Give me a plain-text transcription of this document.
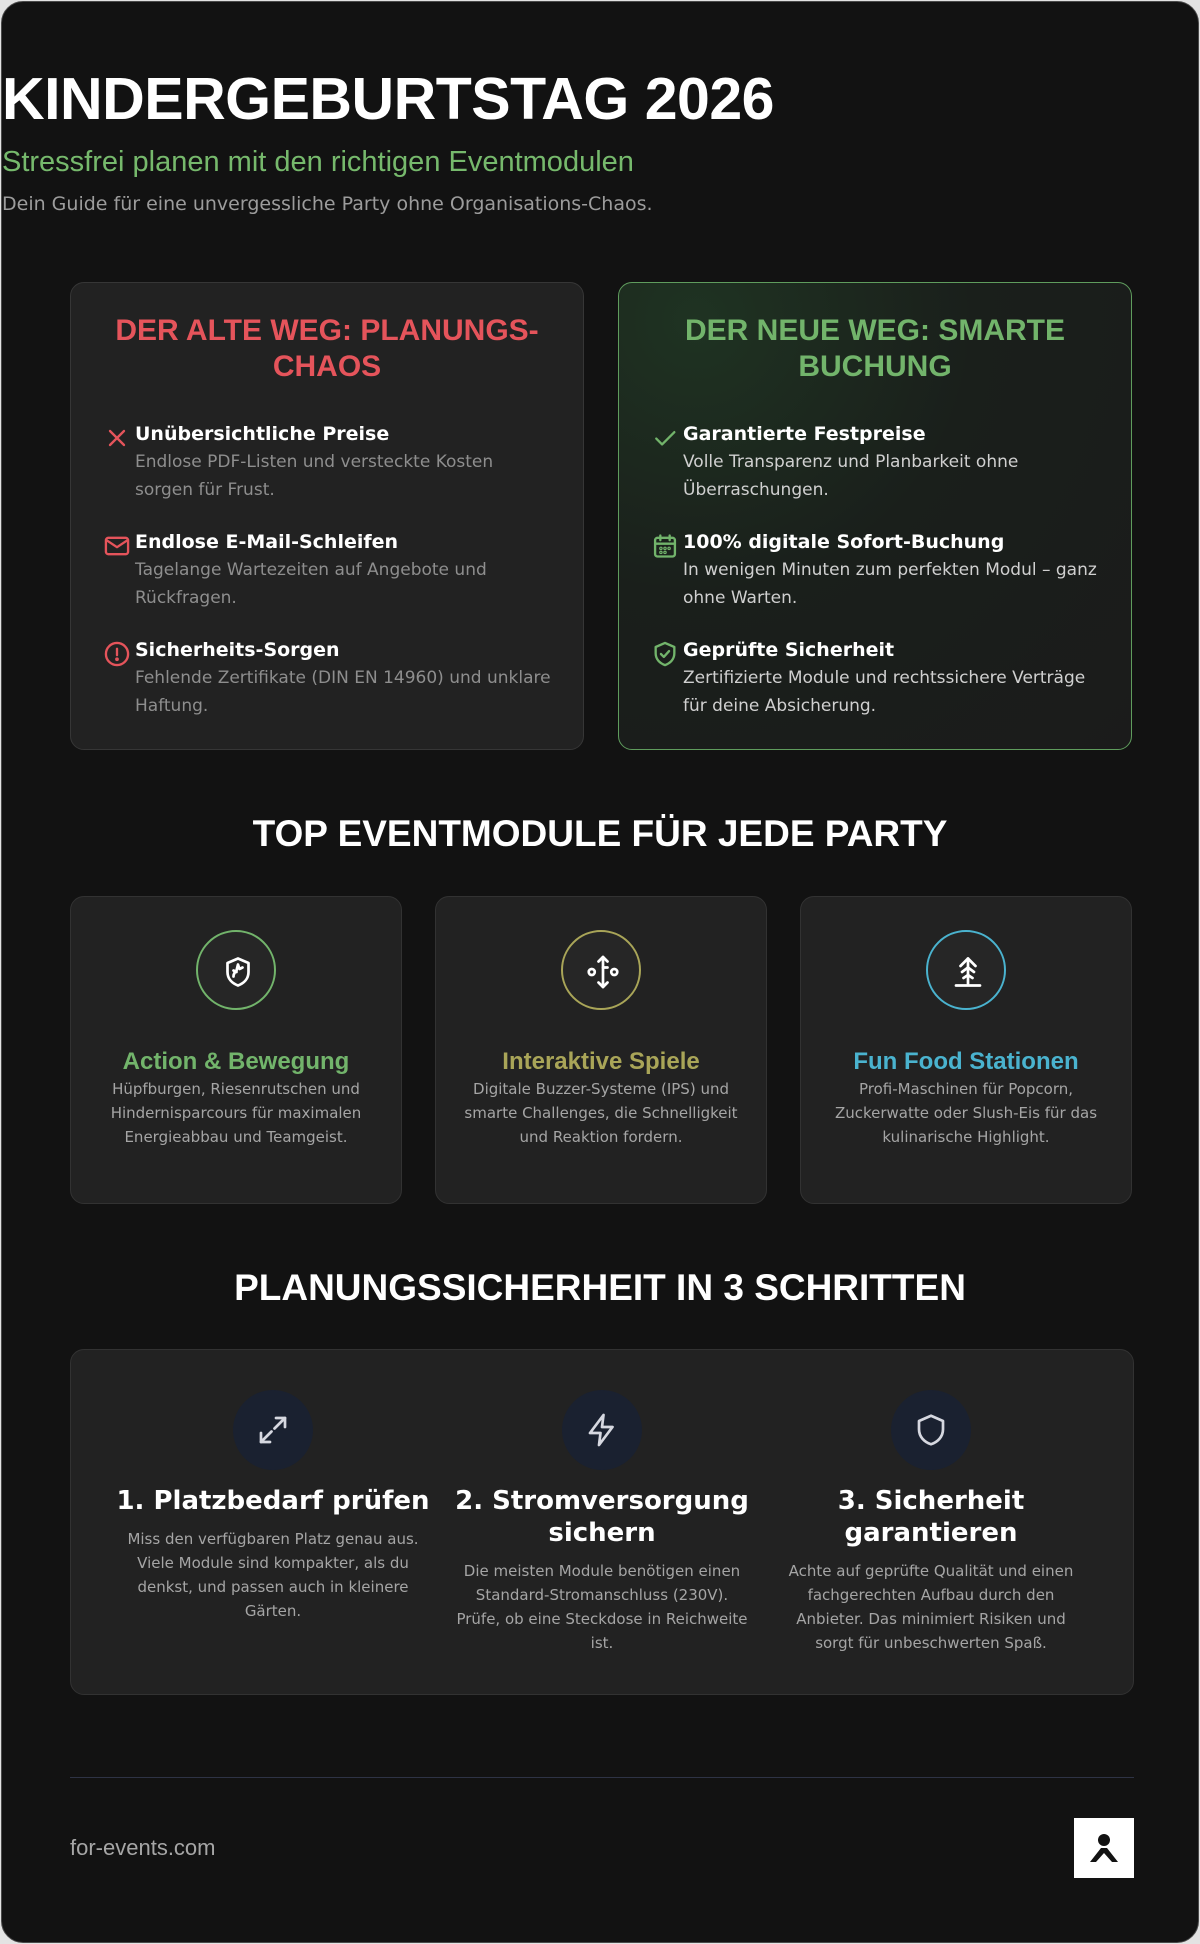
KINDERGEBURTSTAG 2026
Stressfrei planen mit den richtigen Eventmodulen
Dein Guide für eine unvergessliche Party ohne Organisations-Chaos.
DER ALTE WEG: PLANUNGS-CHAOS
Unübersichtliche Preise
Endlose PDF-Listen und versteckte Kosten sorgen für Frust.
Endlose E-Mail-Schleifen
Tagelange Wartezeiten auf Angebote und Rückfragen.
Sicherheits-Sorgen
Fehlende Zertifikate (DIN EN 14960) und unklare Haftung.
DER NEUE WEG: SMARTE BUCHUNG
Garantierte Festpreise
Volle Transparenz und Planbarkeit ohne Überraschungen.
100% digitale Sofort-Buchung
In wenigen Minuten zum perfekten Modul – ganz ohne Warten.
Geprüfte Sicherheit
Zertifizierte Module und rechtssichere Verträge für deine Absicherung.
TOP EVENTMODULE FÜR JEDE PARTY
Action & Bewegung
Hüpfburgen, Riesenrutschen und Hindernisparcours für maximalen Energieabbau und Teamgeist.
Interaktive Spiele
Digitale Buzzer-Systeme (IPS) und smarte Challenges, die Schnelligkeit und Reaktion fordern.
Fun Food Stationen
Profi-Maschinen für Popcorn, Zuckerwatte oder Slush-Eis für das kulinarische Highlight.
PLANUNGSSICHERHEIT IN 3 SCHRITTEN
1. Platzbedarf prüfen
Miss den verfügbaren Platz genau aus. Viele Module sind kompakter, als du denkst, und passen auch in kleinere Gärten.
2. Stromversorgung sichern
Die meisten Module benötigen einen Standard-Stromanschluss (230V). Prüfe, ob eine Steckdose in Reichweite ist.
3. Sicherheit garantieren
Achte auf geprüfte Qualität und einen fachgerechten Aufbau durch den Anbieter. Das minimiert Risiken und sorgt für unbeschwerten Spaß.
for-events.com
